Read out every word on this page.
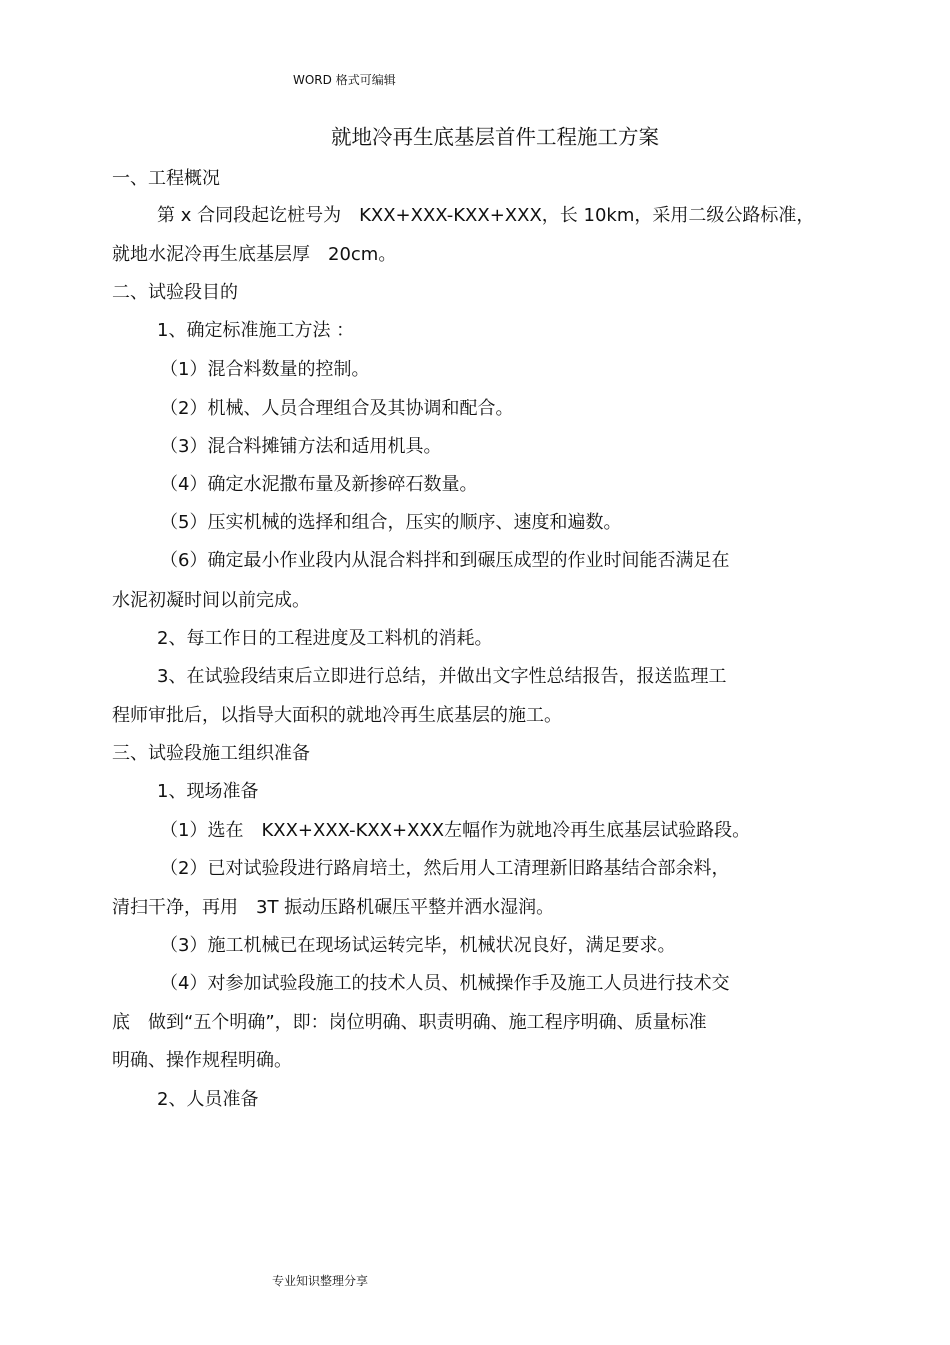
WORD 格式可编辑
就地冷再生底基层首件工程施工方案
一、工程概况
第 x 合同段起讫桩号为　KXX+XXX-KXX+XXX，长 10km，采用二级公路标准，
就地水泥冷再生底基层厚　20cm。
二、试验段目的
1、确定标准施工方法 ：
（1）混合料数量的控制。
（2）机械、人员合理组合及其协调和配合。
（3）混合料摊铺方法和适用机具。
（4）确定水泥撒布量及新掺碎石数量。
（5）压实机械的选择和组合，压实的顺序、速度和遍数。
（6）确定最小作业段内从混合料拌和到碾压成型的作业时间能否满足在
水泥初凝时间以前完成。
2、每工作日的工程进度及工料机的消耗。
3、在试验段结束后立即进行总结，并做出文字性总结报告，报送监理工
程师审批后，以指导大面积的就地冷再生底基层的施工。
三、试验段施工组织准备
1、现场准备
（1）选在　KXX+XXX-KXX+XXX左幅作为就地冷再生底基层试验路段。
（2）已对试验段进行路肩培土，然后用人工清理新旧路基结合部余料，
清扫干净，再用　3T 振动压路机碾压平整并洒水湿润。
（3）施工机械已在现场试运转完毕，机械状况良好，满足要求。
（4）对参加试验段施工的技术人员、机械操作手及施工人员进行技术交
底　做到“五个明确”，即：岗位明确、职责明确、施工程序明确、质量标准
明确、操作规程明确。
2、人员准备
专业知识整理分享
